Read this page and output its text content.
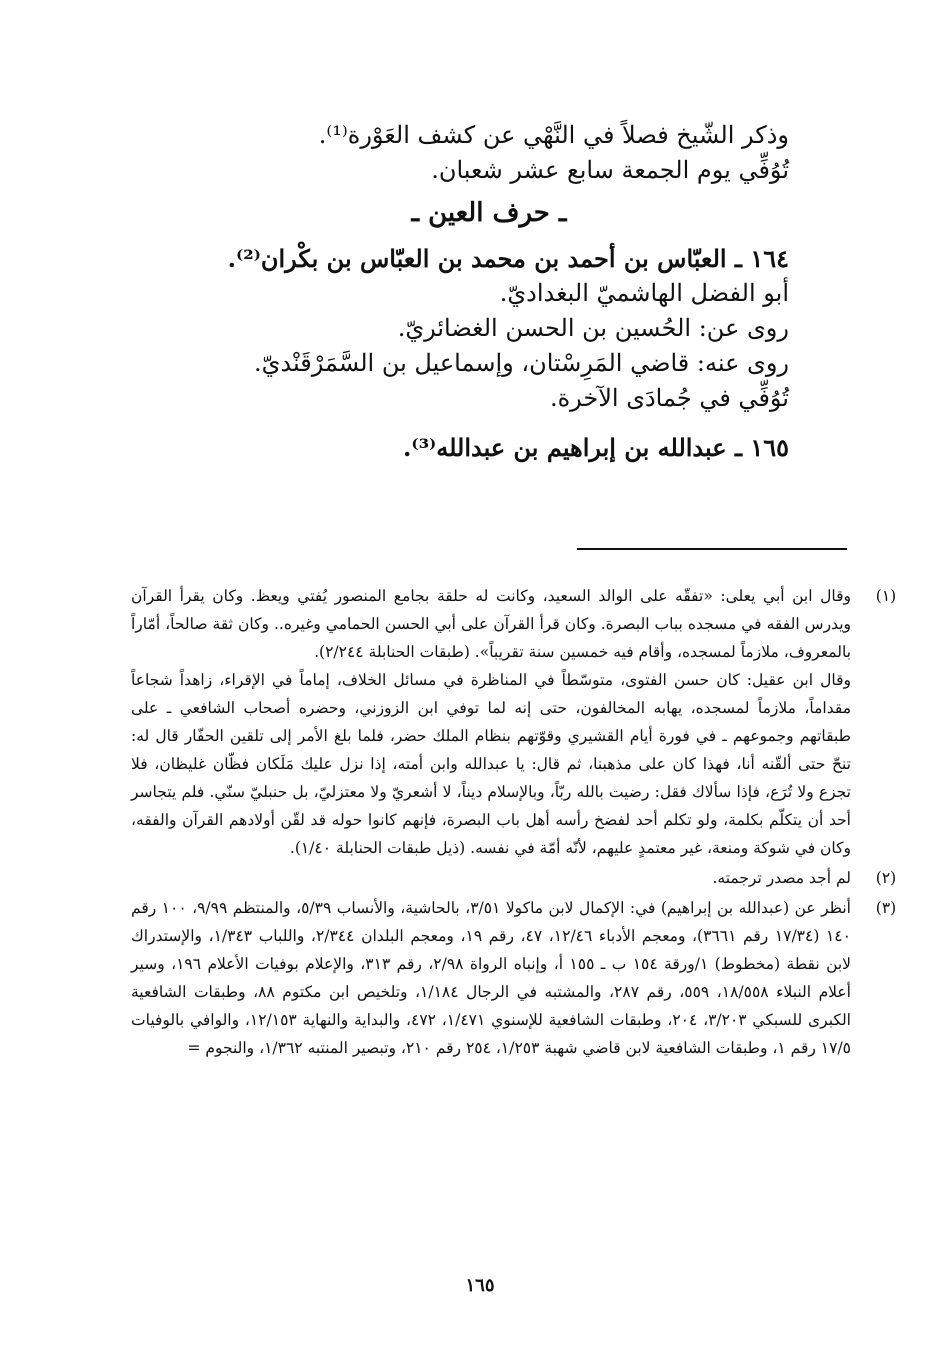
وذكر الشّيخ فصلاً في النَّهْي عن كشف العَوْرة⁽¹⁾.
تُوُفِّي يوم الجمعة سابع عشر شعبان.
ـ حرف العين ـ
١٦٤ ـ العبّاس بن أحمد بن محمد بن العبّاس بن بكْران⁽²⁾.
أبو الفضل الهاشميّ البغداديّ.
روى عن: الحُسين بن الحسن الغضائريّ.
روى عنه: قاضي المَرِسْتان، وإسماعيل بن السَّمَرْقَنْديّ.
تُوُفِّي في جُمادَى الآخرة.
١٦٥ ـ عبدالله بن إبراهيم بن عبدالله⁽³⁾.
(١)

وقال ابن أبي يعلى: «تفقّه على الوالد السعيد، وكانت له حلقة بجامع المنصور يُفتي ويعظ. وكان يقرأ القرآن ويدرس الفقه في مسجده بباب البصرة. وكان قرأ القرآن على أبي الحسن الحمامي وغيره.. وكان ثقة صالحاً، أمّاراً بالمعروف، ملازماً لمسجده، وأقام فيه خمسين سنة تقريباً». (طبقات الحنابلة ٢/٢٤٤).

وقال ابن عقيل: كان حسن الفتوى، متوسّطاً في المناظرة في مسائل الخلاف، إماماً في الإقراء، زاهداً شجاعاً مقداماً، ملازماً لمسجده، يهابه المخالفون، حتى إنه لما توفي ابن الزوزني، وحضره أصحاب الشافعي ـ على طبقاتهم وجموعهم ـ في فورة أيام القشيري وقوّتهم بنظام الملك حضر، فلما بلغ الأمر إلى تلقين الحفّار قال له: تنحّ حتى ألقّنه أنا، فهذا كان على مذهبنا، ثم قال: يا عبدالله وابن أمته، إذا نزل عليك مَلَكان فظّان غليظان، فلا تجزع ولا تُرَع، فإذا سألاك فقل: رضيت بالله ربّاً، وبالإسلام ديناً، لا أشعريّ ولا معتزليّ، بل حنبليّ سنّي. فلم يتجاسر أحد أن يتكلّم بكلمة، ولو تكلم أحد لفضخ رأسه أهل باب البصرة، فإنهم كانوا حوله قد لقّن أولادهم القرآن والفقه، وكان في شوكة ومنعة، غير معتمدٍ عليهم، لأنّه أمّة في نفسه. (ذيل طبقات الحنابلة ١/٤٠).

(٢)

لم أجد مصدر ترجمته.

(٣)

أنظر عن (عبدالله بن إبراهيم) في: الإكمال لابن ماكولا ٣/٥١، بالحاشية، والأنساب ٥/٣٩، والمنتظم ٩/٩٩، ١٠٠ رقم ١٤٠ (١٧/٣٤ رقم ٣٦٦١)، ومعجم الأدباء ١٢/٤٦، ٤٧، رقم ١٩، ومعجم البلدان ٢/٣٤٤، واللباب ١/٣٤٣، والإستدراك لابن نقطة (مخطوط) ١/ورقة ١٥٤ ب ـ ١٥٥ أ، وإنباه الرواة ٢/٩٨، رقم ٣١٣، والإعلام بوفيات الأعلام ١٩٦، وسير أعلام النبلاء ١٨/٥٥٨، ٥٥٩، رقم ٢٨٧، والمشتبه في الرجال ١/١٨٤، وتلخيص ابن مكتوم ٨٨، وطبقات الشافعية الكبرى للسبكي ٣/٢٠٣، ٢٠٤، وطبقات الشافعية للإسنوي ١/٤٧١، ٤٧٢، والبداية والنهاية ١٢/١٥٣، والوافي بالوفيات ١٧/٥ رقم ١، وطبقات الشافعية لابن قاضي شهبة ١/٢٥٣، ٢٥٤ رقم ٢١٠، وتبصير المنتبه ١/٣٦٢، والنجوم =

١٦٥
